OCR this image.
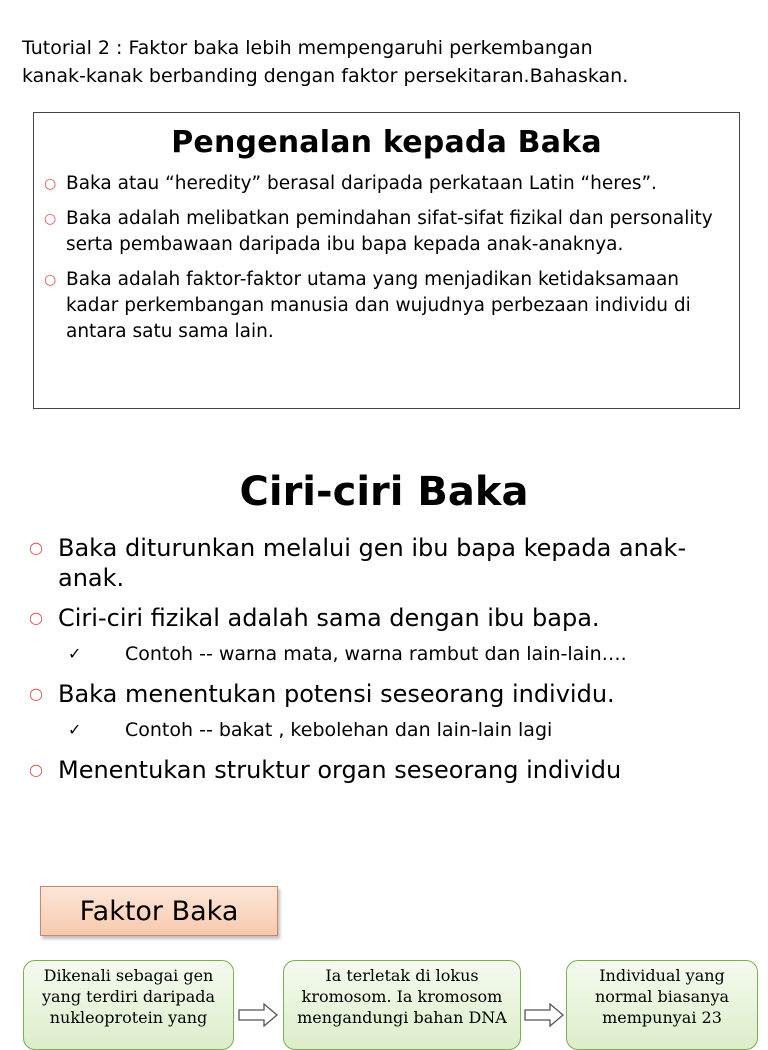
Tutorial 2 : Faktor baka lebih mempengaruhi perkembangan
kanak-kanak berbanding dengan faktor persekitaran.Bahaskan.

Pengenalan kepada Baka
○ Baka atau “heredity” berasal daripada perkataan Latin “heres”.
○ Baka adalah melibatkan pemindahan sifat-sifat fizikal dan personality serta pembawaan daripada ibu bapa kepada anak-anaknya.
○ Baka adalah faktor-faktor utama yang menjadikan ketidaksamaan kadar perkembangan manusia dan wujudnya perbezaan individu di antara satu sama lain.
Ciri-ciri Baka
○ Baka diturunkan melalui gen ibu bapa kepada anak-anak.
○ Ciri-ciri fizikal adalah sama dengan ibu bapa.
✓ Contoh -- warna mata, warna rambut dan lain-lain….
○ Baka menentukan potensi seseorang individu.
✓ Contoh -- bakat , kebolehan dan lain-lain lagi
○ Menentukan struktur organ seseorang individu
Faktor Baka
Dikenali sebagai gen yang terdiri daripada nukleoprotein yang
Ia terletak di lokus kromosom. Ia kromosom mengandungi bahan DNA
Individual yang normal biasanya mempunyai 23
